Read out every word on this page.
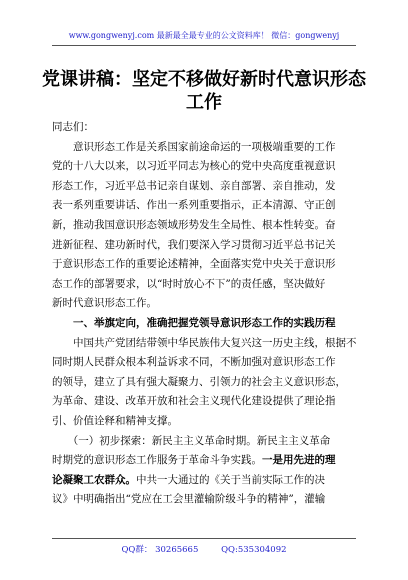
www.gongwenyj.com 最新最全最专业的公文资料库！ 微信：gongwenyj
党课讲稿：坚定不移做好新时代意识形态
工作
同志们：
　　意识形态工作是关系国家前途命运的一项极端重要的工作
党的十八大以来，以习近平同志为核心的党中央高度重视意识
形态工作，习近平总书记亲自谋划、亲自部署、亲自推动，发
表一系列重要讲话、作出一系列重要指示，正本清源、守正创
新，推动我国意识形态领域形势发生全局性、根本性转变。奋
进新征程、建功新时代，我们要深入学习贯彻习近平总书记关
于意识形态工作的重要论述精神，全面落实党中央关于意识形
态工作的部署要求，以“时时放心不下”的责任感，坚决做好
新时代意识形态工作。
　　一、举旗定向，准确把握党领导意识形态工作的实践历程
　　中国共产党团结带领中华民族伟大复兴这一历史主线，根据不
同时期人民群众根本利益诉求不同，不断加强对意识形态工作
的领导，建立了具有强大凝聚力、引领力的社会主义意识形态，
为革命、建设、改革开放和社会主义现代化建设提供了理论指
引、价值诠释和精神支撑。
　　（一）初步探索：新民主主义革命时期。新民主主义革命
时期党的意识形态工作服务于革命斗争实践。一是用先进的理
论凝聚工农群众。中共一大通过的《关于当前实际工作的决
议》中明确指出“党应在工会里灌输阶级斗争的精神”，灌输
QQ群： 30265665	QQ:535304092
